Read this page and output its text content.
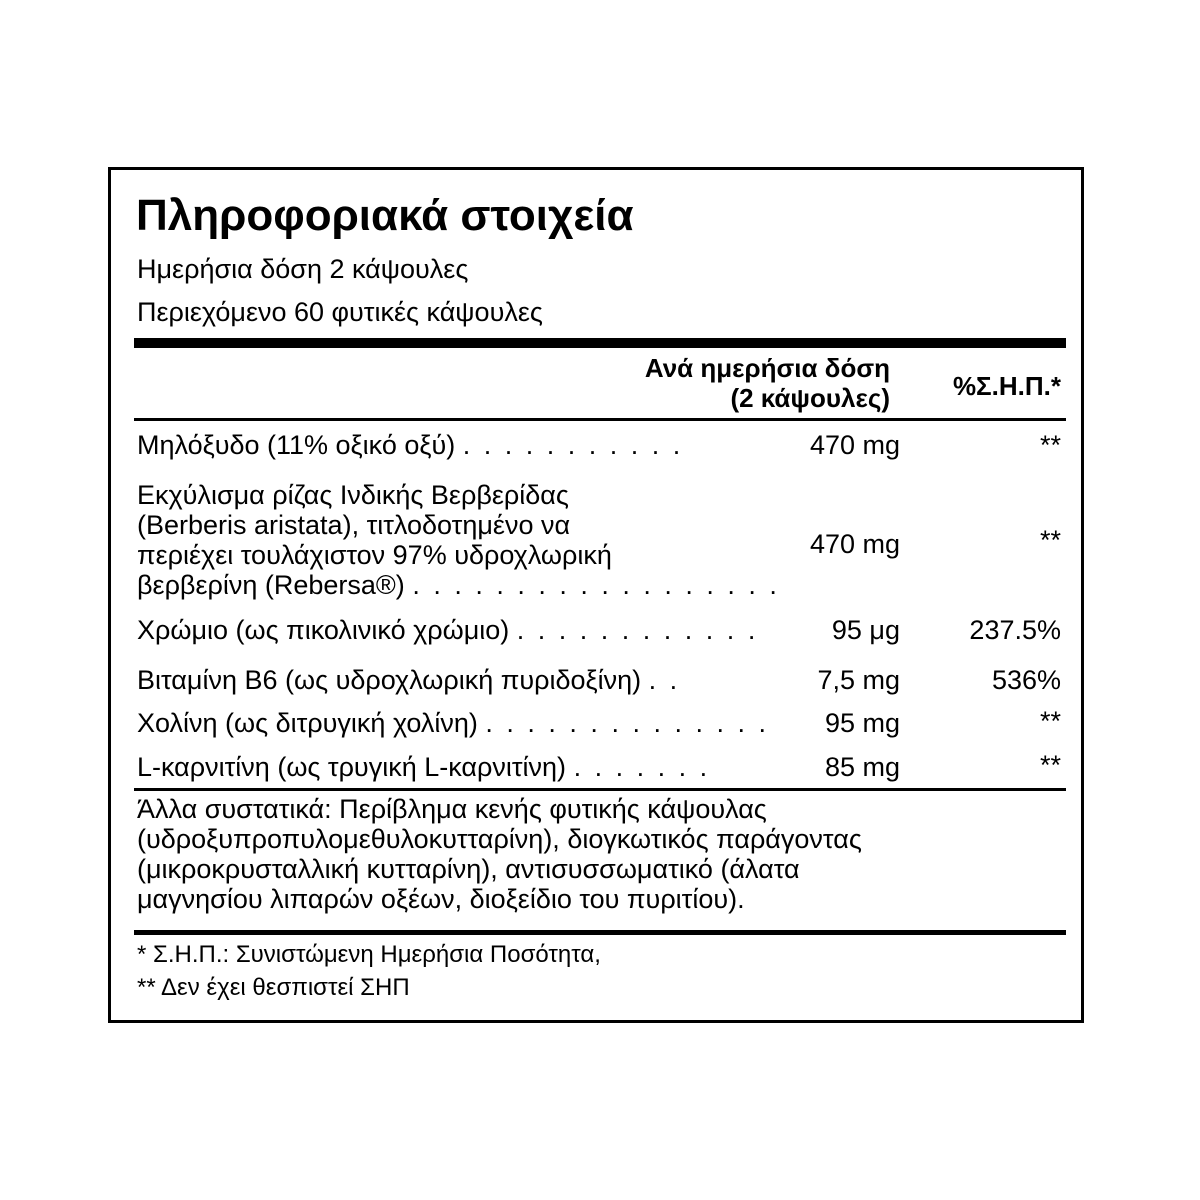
Πληροφοριακά στοιχεία
Ημερήσια δόση 2 κάψουλες
Περιεχόμενο 60 φυτικές κάψουλες
Ανά ημερήσια δόση
(2 κάψουλες) %Σ.Η.Π.*
Μηλόξυδο (11% οξικό οξύ) . . . . . . . . . . .	470 mg	**
Εκχύλισμα ρίζας Ινδικής Βερβερίδας
(Berberis aristata), τιτλοδοτημένο να
περιέχει τουλάχιστον 97% υδροχλωρική
βερβερίνη (Rebersa®) . . . . . . . . . . . . . . . . . .
470 mg	**
Χρώμιο (ως πικολινικό χρώμιο) . . . . . . . . . . . .	95 μg	237.5%
Βιταμίνη Β6 (ως υδροχλωρική πυριδοξίνη) . .	7,5 mg	536%
Χολίνη (ως διτρυγική χολίνη) . . . . . . . . . . . . . . 95 mg	**
L-καρνιτίνη (ως τρυγική L-καρνιτίνη) . . . . . . .	85 mg	**
Άλλα συστατικά: Περίβλημα κενής φυτικής κάψουλας
(υδροξυπροπυλομεθυλοκυτταρίνη), διογκωτικός παράγοντας
(μικροκρυσταλλική κυτταρίνη), αντισυσσωματικό (άλατα
μαγνησίου λιπαρών οξέων, διοξείδιο του πυριτίου).
* Σ.Η.Π.: Συνιστώμενη Ημερήσια Ποσότητα,
** Δεν έχει θεσπιστεί ΣΗΠ
